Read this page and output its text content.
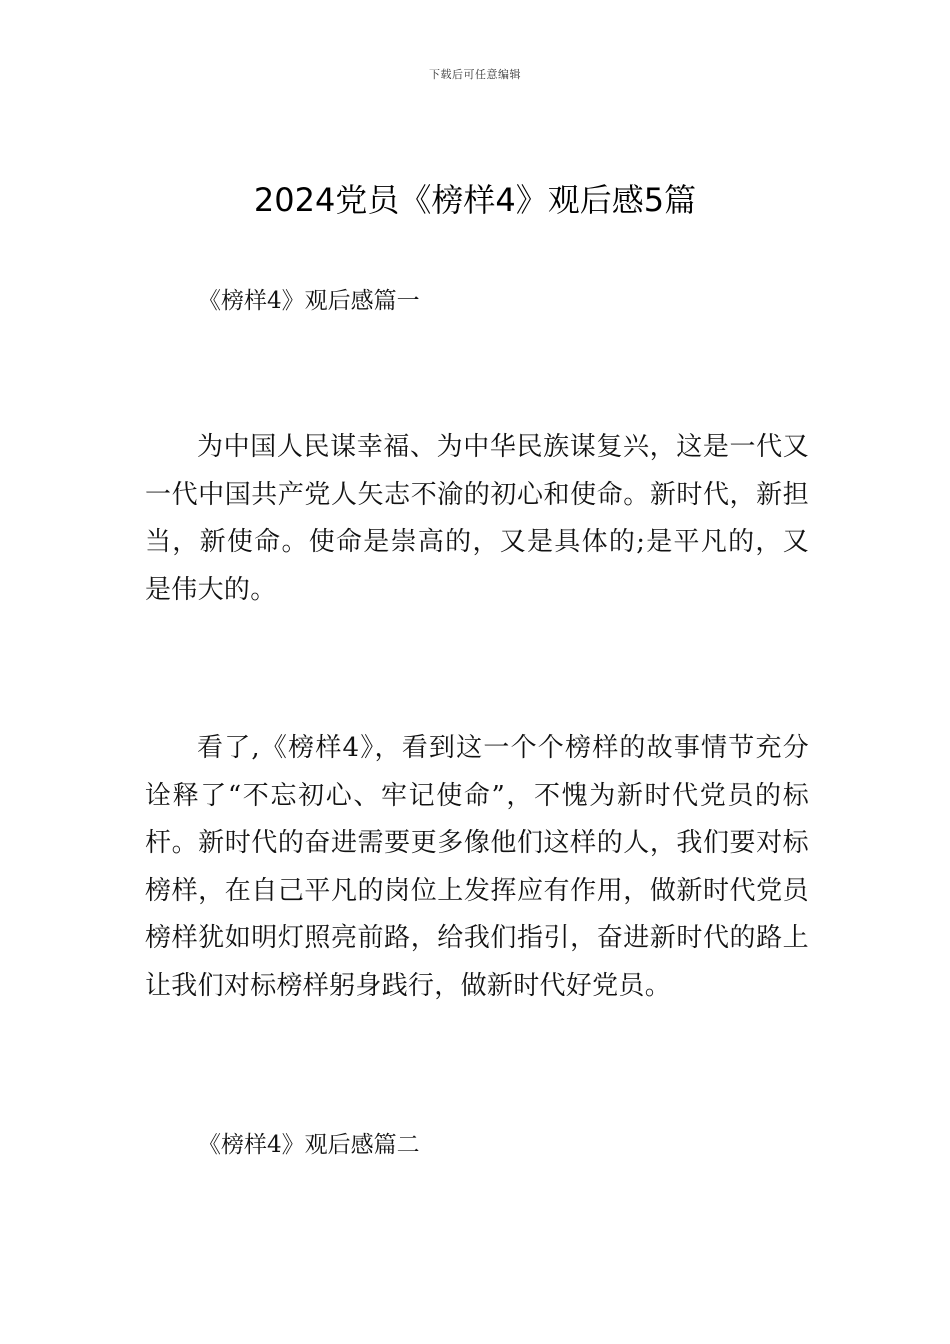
下载后可任意编辑
2024党员《榜样4》观后感5篇
《榜样4》观后感篇一

为中国人民谋幸福、为中华民族谋复兴，这是一代又一代中国共产党人矢志不渝的初心和使命。新时代，新担当，新使命。使命是崇高的，又是具体的;是平凡的，又是伟大的。

看了,《榜样4》，看到这一个个榜样的故事情节充分诠释了“不忘初心、牢记使命”，不愧为新时代党员的标杆。新时代的奋进需要更多像他们这样的人，我们要对标榜样，在自己平凡的岗位上发挥应有作用，做新时代党员榜样犹如明灯照亮前路，给我们指引，奋进新时代的路上让我们对标榜样躬身践行，做新时代好党员。

《榜样4》观后感篇二
